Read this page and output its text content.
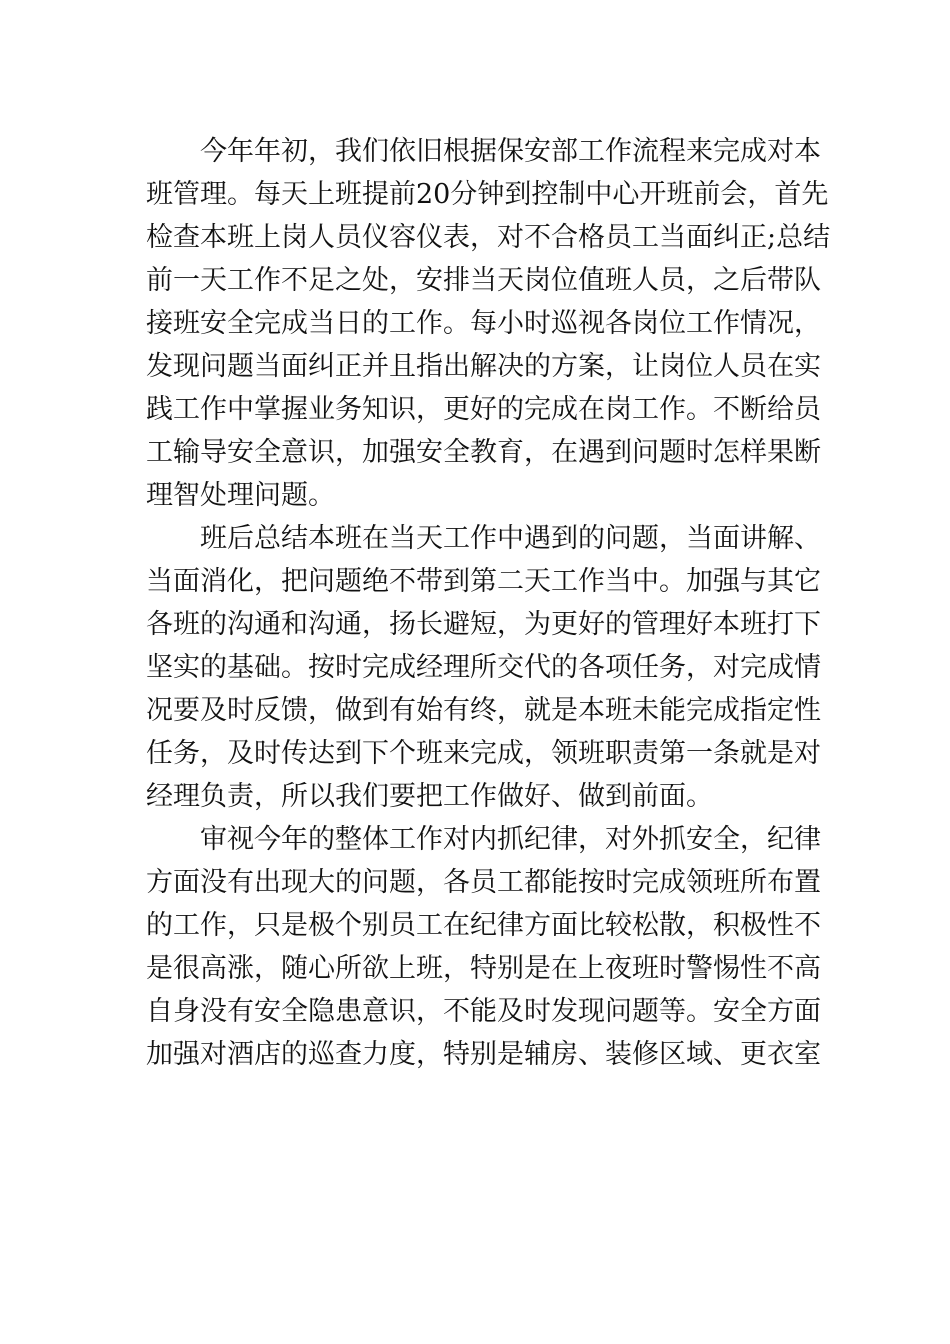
今年年初，我们依旧根据保安部工作流程来完成对本
班管理。每天上班提前20分钟到控制中心开班前会，首先
检查本班上岗人员仪容仪表，对不合格员工当面纠正;总结
前一天工作不足之处，安排当天岗位值班人员，之后带队
接班安全完成当日的工作。每小时巡视各岗位工作情况，
发现问题当面纠正并且指出解决的方案，让岗位人员在实
践工作中掌握业务知识，更好的完成在岗工作。不断给员
工输导安全意识，加强安全教育，在遇到问题时怎样果断
理智处理问题。
班后总结本班在当天工作中遇到的问题，当面讲解、
当面消化，把问题绝不带到第二天工作当中。加强与其它
各班的沟通和沟通，扬长避短，为更好的管理好本班打下
坚实的基础。按时完成经理所交代的各项任务，对完成情
况要及时反馈，做到有始有终，就是本班未能完成指定性
任务，及时传达到下个班来完成，领班职责第一条就是对
经理负责，所以我们要把工作做好、做到前面。
审视今年的整体工作对内抓纪律，对外抓安全，纪律
方面没有出现大的问题，各员工都能按时完成领班所布置
的工作，只是极个别员工在纪律方面比较松散，积极性不
是很高涨，随心所欲上班，特别是在上夜班时警惕性不高
自身没有安全隐患意识，不能及时发现问题等。安全方面
加强对酒店的巡查力度，特别是辅房、装修区域、更衣室
